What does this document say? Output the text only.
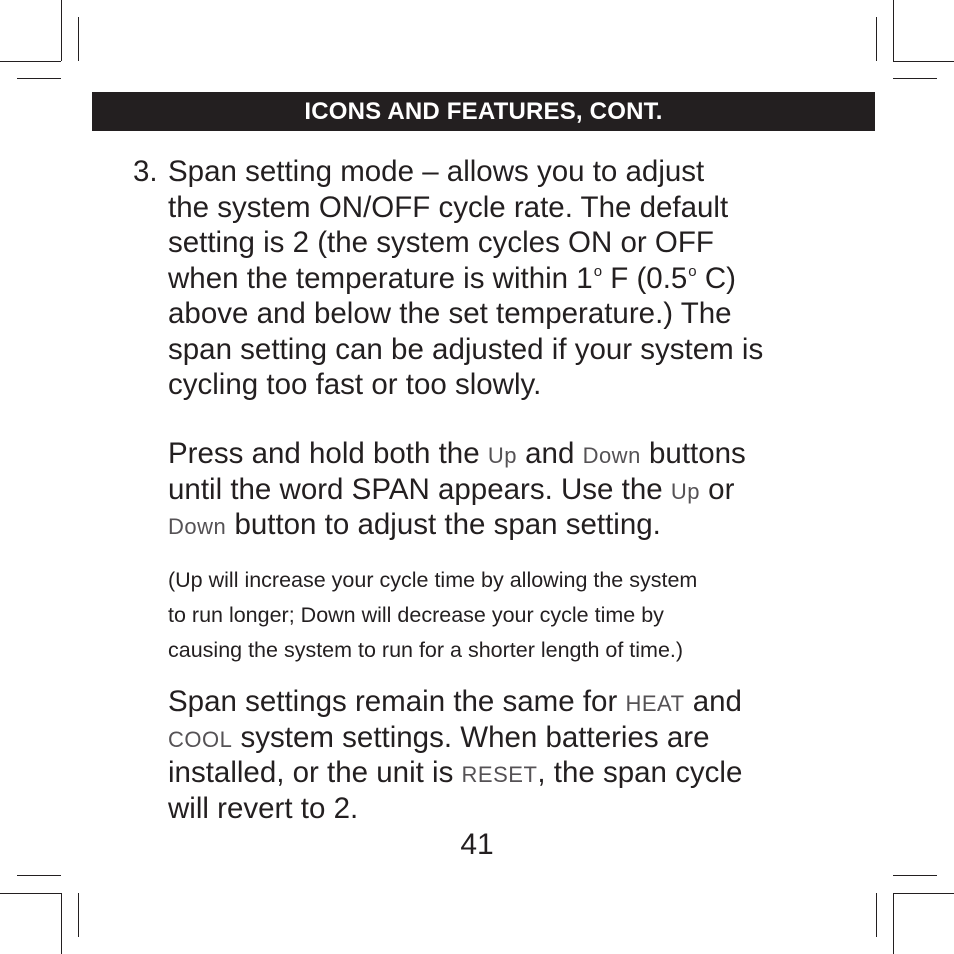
ICONS AND FEATURES, CONT.
3. Span setting mode – allows you to adjust
the system ON/OFF cycle rate. The default
setting is 2 (the system cycles ON or OFF
when the temperature is within 1$^o$ F (0.5$^o$ C)
above and below the set temperature.) The
span setting can be adjusted if your system is
cycling too fast or too slowly.
Press and hold both the Up and Down buttons
until the word SPAN appears. Use the Up or
Down button to adjust the span setting.
(Up will increase your cycle time by allowing the system
to run longer; Down will decrease your cycle time by
causing the system to run for a shorter length of time.)
Span settings remain the same for HEAT and
COOL system settings. When batteries are
installed, or the unit is RESET, the span cycle
will revert to 2.
41
